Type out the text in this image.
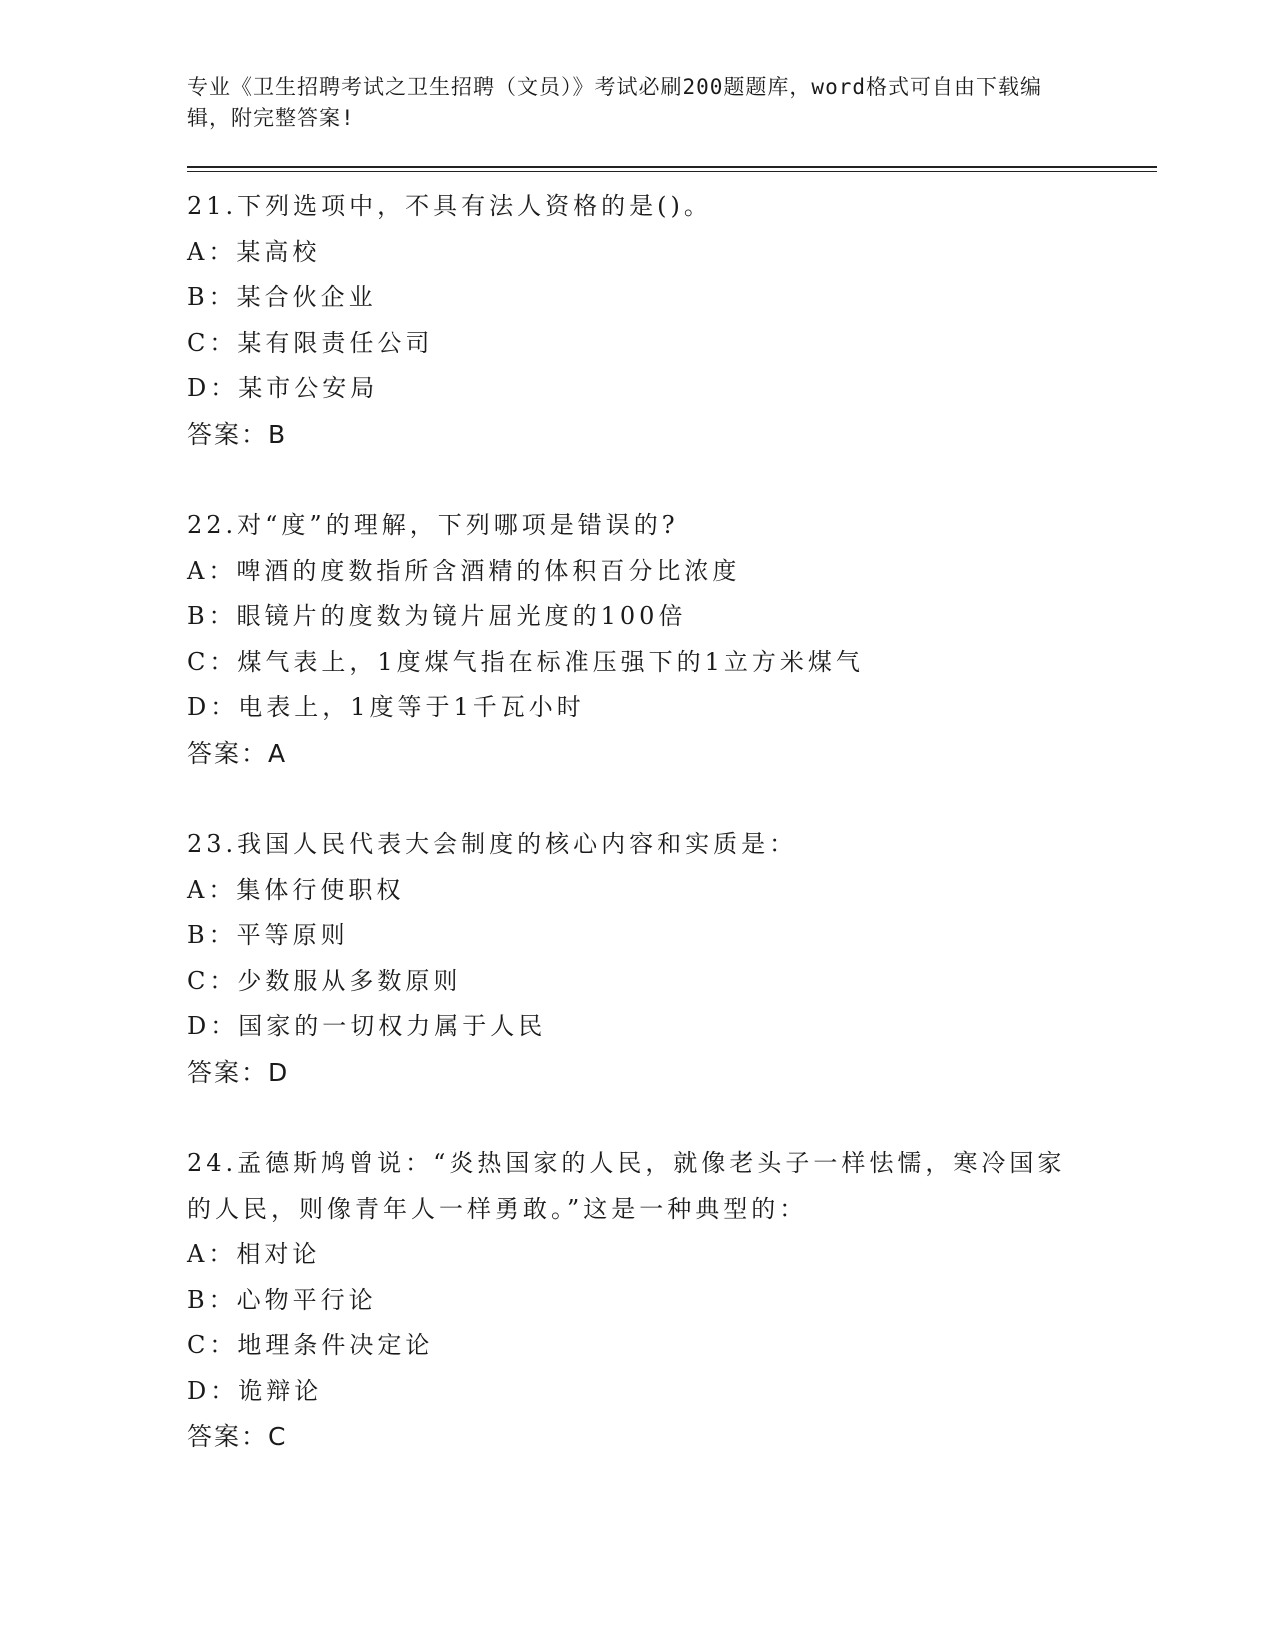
专业《卫生招聘考试之卫生招聘（文员）》考试必刷200题题库，word格式可自由下载编辑，附完整答案!

21.下列选项中，不具有法人资格的是()。

A：某高校

B：某合伙企业

C：某有限责任公司

D：某市公安局

答案：B

22.对“度”的理解，下列哪项是错误的?

A：啤酒的度数指所含酒精的体积百分比浓度

B：眼镜片的度数为镜片屈光度的100倍

C：煤气表上，1度煤气指在标准压强下的1立方米煤气

D：电表上，1度等于1千瓦小时

答案：A

23.我国人民代表大会制度的核心内容和实质是：

A：集体行使职权

B：平等原则

C：少数服从多数原则

D：国家的一切权力属于人民

答案：D

24.孟德斯鸠曾说：“炎热国家的人民，就像老头子一样怯懦，寒冷国家的人民，则像青年人一样勇敢。”这是一种典型的：

A：相对论

B：心物平行论

C：地理条件决定论

D：诡辩论

答案：C
